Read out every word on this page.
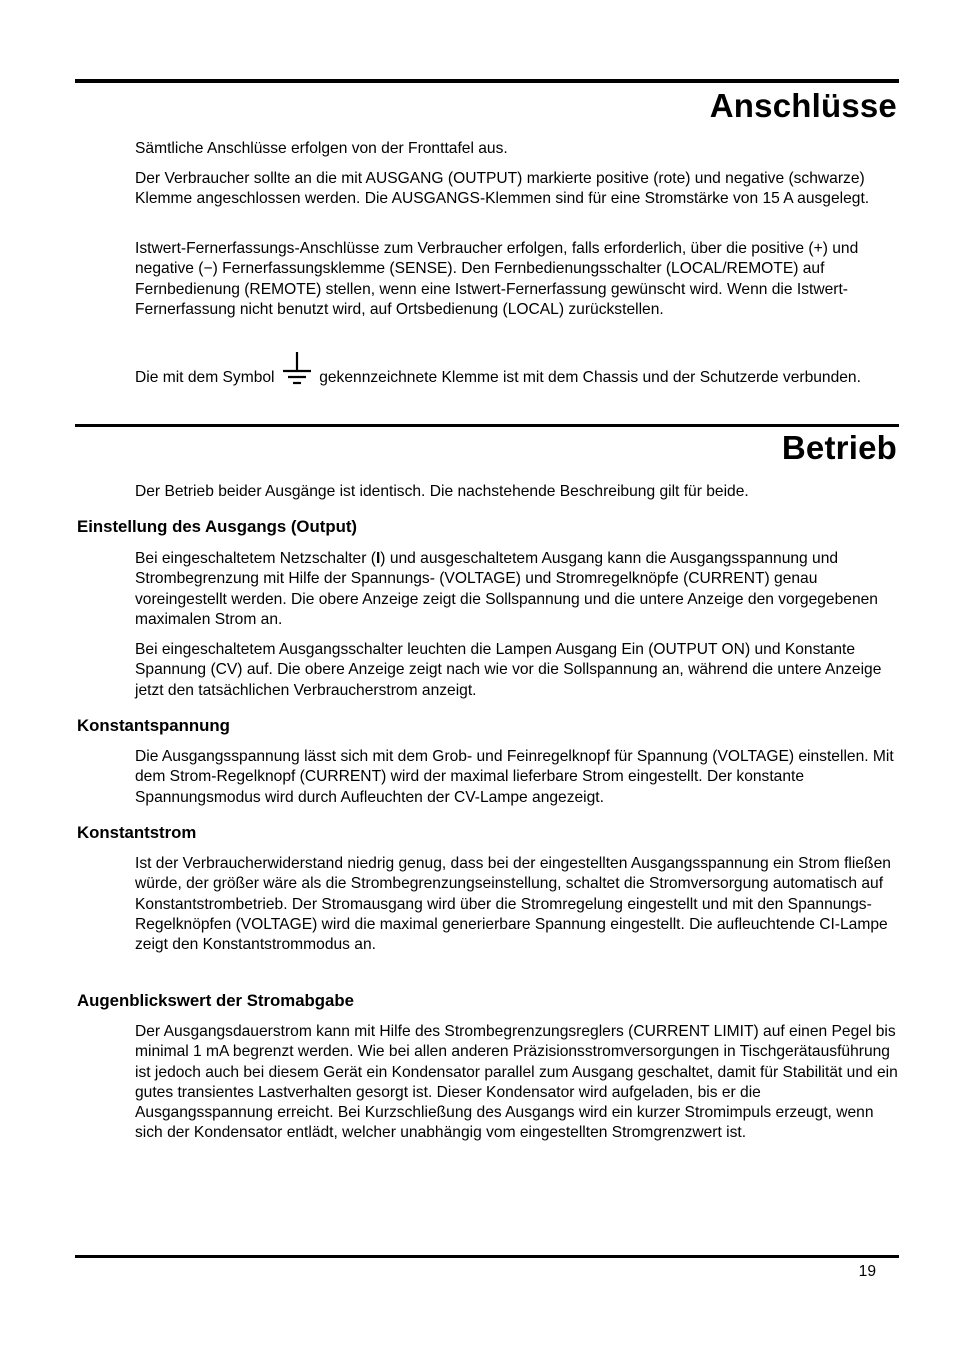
Anschlüsse

Sämtliche Anschlüsse erfolgen von der Fronttafel aus.

Der Verbraucher sollte an die mit AUSGANG (OUTPUT) markierte positive (rote) und negative (schwarze) Klemme angeschlossen werden. Die AUSGANGS-Klemmen sind für eine Stromstärke von 15 A ausgelegt.

Istwert-Fernerfassungs-Anschlüsse zum Verbraucher erfolgen, falls erforderlich, über die positive (+) und negative (−) Fernerfassungsklemme (SENSE). Den Fernbedienungsschalter (LOCAL/REMOTE) auf Fernbedienung (REMOTE) stellen, wenn eine Istwert-Fernerfassung gewünscht wird. Wenn die Istwert-Fernerfassung nicht benutzt wird, auf Ortsbedienung (LOCAL) zurückstellen.

Die mit dem Symbol	gekennzeichnete Klemme ist mit dem Chassis und der Schutzerde verbunden.

Betrieb

Der Betrieb beider Ausgänge ist identisch. Die nachstehende Beschreibung gilt für beide.

Einstellung des Ausgangs (Output)

Bei eingeschaltetem Netzschalter (I) und ausgeschaltetem Ausgang kann die Ausgangsspannung und Strombegrenzung mit Hilfe der Spannungs- (VOLTAGE) und Stromregelknöpfe (CURRENT) genau voreingestellt werden. Die obere Anzeige zeigt die Sollspannung und die untere Anzeige den vorgegebenen maximalen Strom an.

Bei eingeschaltetem Ausgangsschalter leuchten die Lampen Ausgang Ein (OUTPUT ON) und Konstante Spannung (CV) auf. Die obere Anzeige zeigt nach wie vor die Sollspannung an, während die untere Anzeige jetzt den tatsächlichen Verbraucherstrom anzeigt.

Konstantspannung

Die Ausgangsspannung lässt sich mit dem Grob- und Feinregelknopf für Spannung (VOLTAGE) einstellen. Mit dem Strom-Regelknopf (CURRENT) wird der maximal lieferbare Strom eingestellt. Der konstante Spannungsmodus wird durch Aufleuchten der CV-Lampe angezeigt.

Konstantstrom

Ist der Verbraucherwiderstand niedrig genug, dass bei der eingestellten Ausgangsspannung ein Strom fließen würde, der größer wäre als die Strombegrenzungseinstellung, schaltet die Stromversorgung automatisch auf Konstantstrombetrieb. Der Stromausgang wird über die Stromregelung eingestellt und mit den Spannungs-Regelknöpfen (VOLTAGE) wird die maximal generierbare Spannung eingestellt. Die aufleuchtende CI-Lampe zeigt den Konstantstrommodus an.

Augenblickswert der Stromabgabe

Der Ausgangsdauerstrom kann mit Hilfe des Strombegrenzungsreglers (CURRENT LIMIT) auf einen Pegel bis minimal 1 mA begrenzt werden. Wie bei allen anderen Präzisionsstromversorgungen in Tischgerätausführung ist jedoch auch bei diesem Gerät ein Kondensator parallel zum Ausgang geschaltet, damit für Stabilität und ein gutes transientes Lastverhalten gesorgt ist. Dieser Kondensator wird aufgeladen, bis er die Ausgangsspannung erreicht. Bei Kurzschließung des Ausgangs wird ein kurzer Stromimpuls erzeugt, wenn sich der Kondensator entlädt, welcher unabhängig vom eingestellten Stromgrenzwert ist.

19
